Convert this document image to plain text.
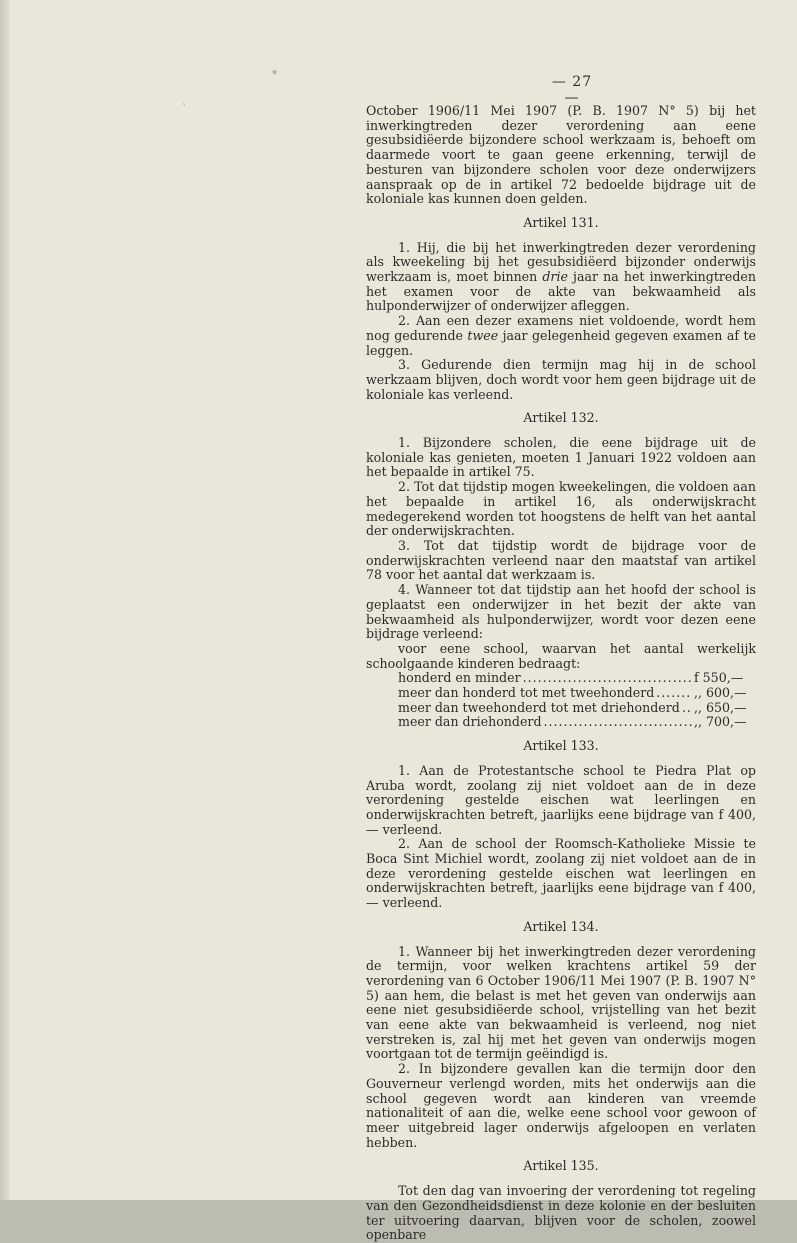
⁎
ˋ
— 27 —

October 1906/11 Mei 1907 (P. B. 1907 N° 5) bij het inwerkingtreden dezer verordening aan eene gesubsidiëerde bijzondere school werkzaam is, behoeft om daarmede voort te gaan geene erkenning, terwijl de besturen van bijzondere scholen voor deze onderwijzers aanspraak op de in artikel 72 bedoelde bijdrage uit de koloniale kas kunnen doen gelden.

Artikel 131.

1. Hij, die bij het inwerkingtreden dezer verordening als kweekeling bij het gesubsidiëerd bijzonder onderwijs werkzaam is, moet binnen drie jaar na het inwerkingtreden het examen voor de akte van bekwaamheid als hulponderwijzer of onderwijzer afleggen.

2. Aan een dezer examens niet voldoende, wordt hem nog gedurende twee jaar gelegenheid gegeven examen af te leggen.

3. Gedurende dien termijn mag hij in de school werkzaam blijven, doch wordt voor hem geen bijdrage uit de koloniale kas verleend.

Artikel 132.

1. Bijzondere scholen, die eene bijdrage uit de koloniale kas genieten, moeten 1 Januari 1922 voldoen aan het bepaalde in artikel 75.

2. Tot dat tijdstip mogen kweekelingen, die voldoen aan het bepaalde in artikel 16, als onderwijskracht medegerekend worden tot hoogstens de helft van het aantal der onderwijskrachten.

3. Tot dat tijdstip wordt de bijdrage voor de onderwijskrachten verleend naar den maatstaf van artikel 78 voor het aantal dat werkzaam is.

4. Wanneer tot dat tijdstip aan het hoofd der school is geplaatst een onderwijzer in het bezit der akte van bekwaamheid als hulponderwijzer, wordt voor dezen eene bijdrage verleend:

voor eene school, waarvan het aantal werkelijk schoolgaande kinderen bedraagt:

honderd en minder .....	f 550,—
meer dan honderd tot met tweehonderd .....	,, 600,—
meer dan tweehonderd tot met driehonderd ..... ,, 650,—
meer dan driehonderd .....	,, 700,—
Artikel 133.

1. Aan de Protestantsche school te Piedra Plat op Aruba wordt, zoolang zij niet voldoet aan de in deze verordening gestelde eischen wat leerlingen en onderwijskrachten betreft, jaarlijks eene bijdrage van f 400,— verleend.

2. Aan de school der Roomsch-Katholieke Missie te Boca Sint Michiel wordt, zoolang zij niet voldoet aan de in deze verordening gestelde eischen wat leerlingen en onderwijskrachten betreft, jaarlijks eene bijdrage van f 400,— verleend.

Artikel 134.

1. Wanneer bij het inwerkingtreden dezer verordening de termijn, voor welken krachtens artikel 59 der verordening van 6 October 1906/11 Mei 1907 (P. B. 1907 N° 5) aan hem, die belast is met het geven van onderwijs aan eene niet gesubsidiëerde school, vrijstelling van het bezit van eene akte van bekwaamheid is verleend, nog niet verstreken is, zal hij met het geven van onderwijs mogen voortgaan tot de termijn geëindigd is.

2. In bijzondere gevallen kan die termijn door den Gouverneur verlengd worden, mits het onderwijs aan die school gegeven wordt aan kinderen van vreemde nationaliteit of aan die, welke eene school voor gewoon of meer uitgebreid lager onderwijs afgeloopen en verlaten hebben.

Artikel 135.

Tot den dag van invoering der verordening tot regeling van den Gezondheidsdienst in deze kolonie en der besluiten ter uitvoering daarvan, blijven voor de scholen, zoowel openbare
